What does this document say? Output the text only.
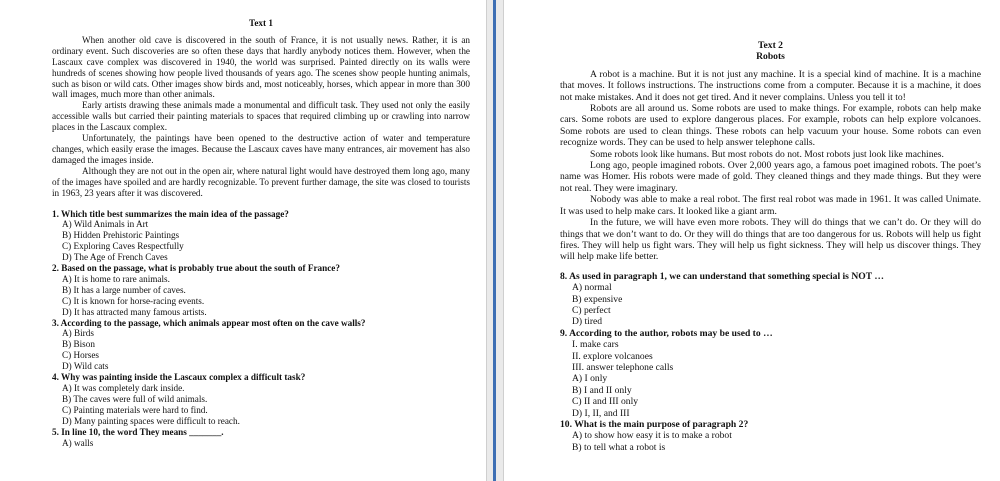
Text 1

When another old cave is discovered in the south of France, it is not usually news. Rather, it is an ordinary event. Such discoveries are so often these days that hardly anybody notices them. However, when the Lascaux cave complex was discovered in 1940, the world was surprised. Painted directly on its walls were hundreds of scenes showing how people lived thousands of years ago. The scenes show people hunting animals, such as bison or wild cats. Other images show birds and, most noticeably, horses, which appear in more than 300 wall images, much more than other animals.

Early artists drawing these animals made a monumental and difficult task. They used not only the easily accessible walls but carried their painting materials to spaces that required climbing up or crawling into narrow places in the Lascaux complex.

Unfortunately, the paintings have been opened to the destructive action of water and temperature changes, which easily erase the images. Because the Lascaux caves have many entrances, air movement has also damaged the images inside.

Although they are not out in the open air, where natural light would have destroyed them long ago, many of the images have spoiled and are hardly recognizable. To prevent further damage, the site was closed to tourists in 1963, 23 years after it was discovered.

1. Which title best summarizes the main idea of the passage?
A) Wild Animals in Art
B) Hidden Prehistoric Paintings
C) Exploring Caves Respectfully
D) The Age of French Caves
2. Based on the passage, what is probably true about the south of France?
A) It is home to rare animals.
B) It has a large number of caves.
C) It is known for horse-racing events.
D) It has attracted many famous artists.
3. According to the passage, which animals appear most often on the cave walls?
A) Birds
B) Bison
C) Horses
D) Wild cats
4. Why was painting inside the Lascaux complex a difficult task?
A) It was completely dark inside.
B) The caves were full of wild animals.
C) Painting materials were hard to find.
D) Many painting spaces were difficult to reach.
5. In line 10, the word They means _______.
A) walls
Text 2
Robots

A robot is a machine. But it is not just any machine. It is a special kind of machine. It is a machine that moves. It follows instructions. The instructions come from a computer. Because it is a machine, it does not make mistakes. And it does not get tired. And it never complains. Unless you tell it to!

Robots are all around us. Some robots are used to make things. For example, robots can help make cars. Some robots are used to explore dangerous places. For example, robots can help explore volcanoes. Some robots are used to clean things. These robots can help vacuum your house. Some robots can even recognize words. They can be used to help answer telephone calls.

Some robots look like humans. But most robots do not. Most robots just look like machines.

Long ago, people imagined robots. Over 2,000 years ago, a famous poet imagined robots. The poet’s name was Homer. His robots were made of gold. They cleaned things and they made things. But they were not real. They were imaginary.

Nobody was able to make a real robot. The first real robot was made in 1961. It was called Unimate. It was used to help make cars. It looked like a giant arm.

In the future, we will have even more robots. They will do things that we can’t do. Or they will do things that we don’t want to do. Or they will do things that are too dangerous for us. Robots will help us fight fires. They will help us fight wars. They will help us fight sickness. They will help us discover things. They will help make life better.

8. As used in paragraph 1, we can understand that something special is NOT …
A) normal
B) expensive
C) perfect
D) tired
9. According to the author, robots may be used to …
I. make cars
II. explore volcanoes
III. answer telephone calls
A) I only
B) I and II only
C) II and III only
D) I, II, and III
10. What is the main purpose of paragraph 2?
A) to show how easy it is to make a robot
B) to tell what a robot is
